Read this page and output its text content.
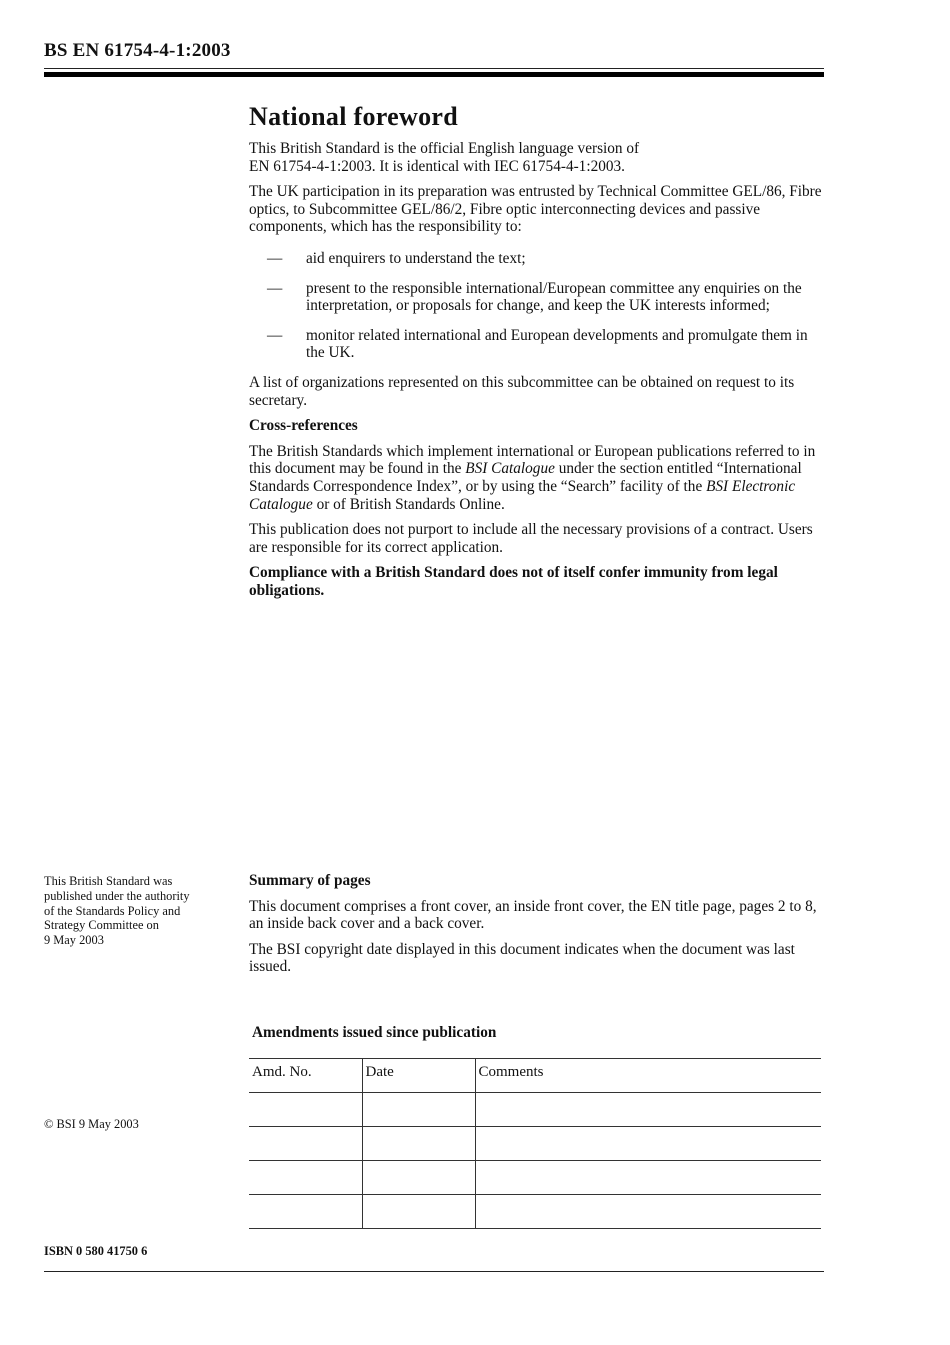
BS EN 61754-4-1:2003
National foreword

This British Standard is the official English language version of

EN 61754-4-1:2003. It is identical with IEC 61754-4-1:2003.

The UK participation in its preparation was entrusted by Technical Committee GEL/86, Fibre optics, to Subcommittee GEL/86/2, Fibre optic interconnecting devices and passive components, which has the responsibility to:

— aid enquirers to understand the text;
— present to the responsible international/European committee any enquiries on the interpretation, or proposals for change, and keep the UK interests informed;
— monitor related international and European developments and promulgate them in the UK.

A list of organizations represented on this subcommittee can be obtained on request to its secretary.

Cross-references

The British Standards which implement international or European publications referred to in this document may be found in the BSI Catalogue under the section entitled “International Standards Correspondence Index”, or by using the “Search” facility of the BSI Electronic Catalogue or of British Standards Online.

This publication does not purport to include all the necessary provisions of a contract. Users are responsible for its correct application.

Compliance with a British Standard does not of itself confer immunity from legal obligations.

This British Standard was
published under the authority
of the Standards Policy and
Strategy Committee on
9 May 2003

Summary of pages

This document comprises a front cover, an inside front cover, the EN title page, pages 2 to 8, an inside back cover and a back cover.

The BSI copyright date displayed in this document indicates when the document was last issued.

Amendments issued since publication
Amd. No.	Date	Comments

© BSI 9 May 2003
ISBN 0 580 41750 6
